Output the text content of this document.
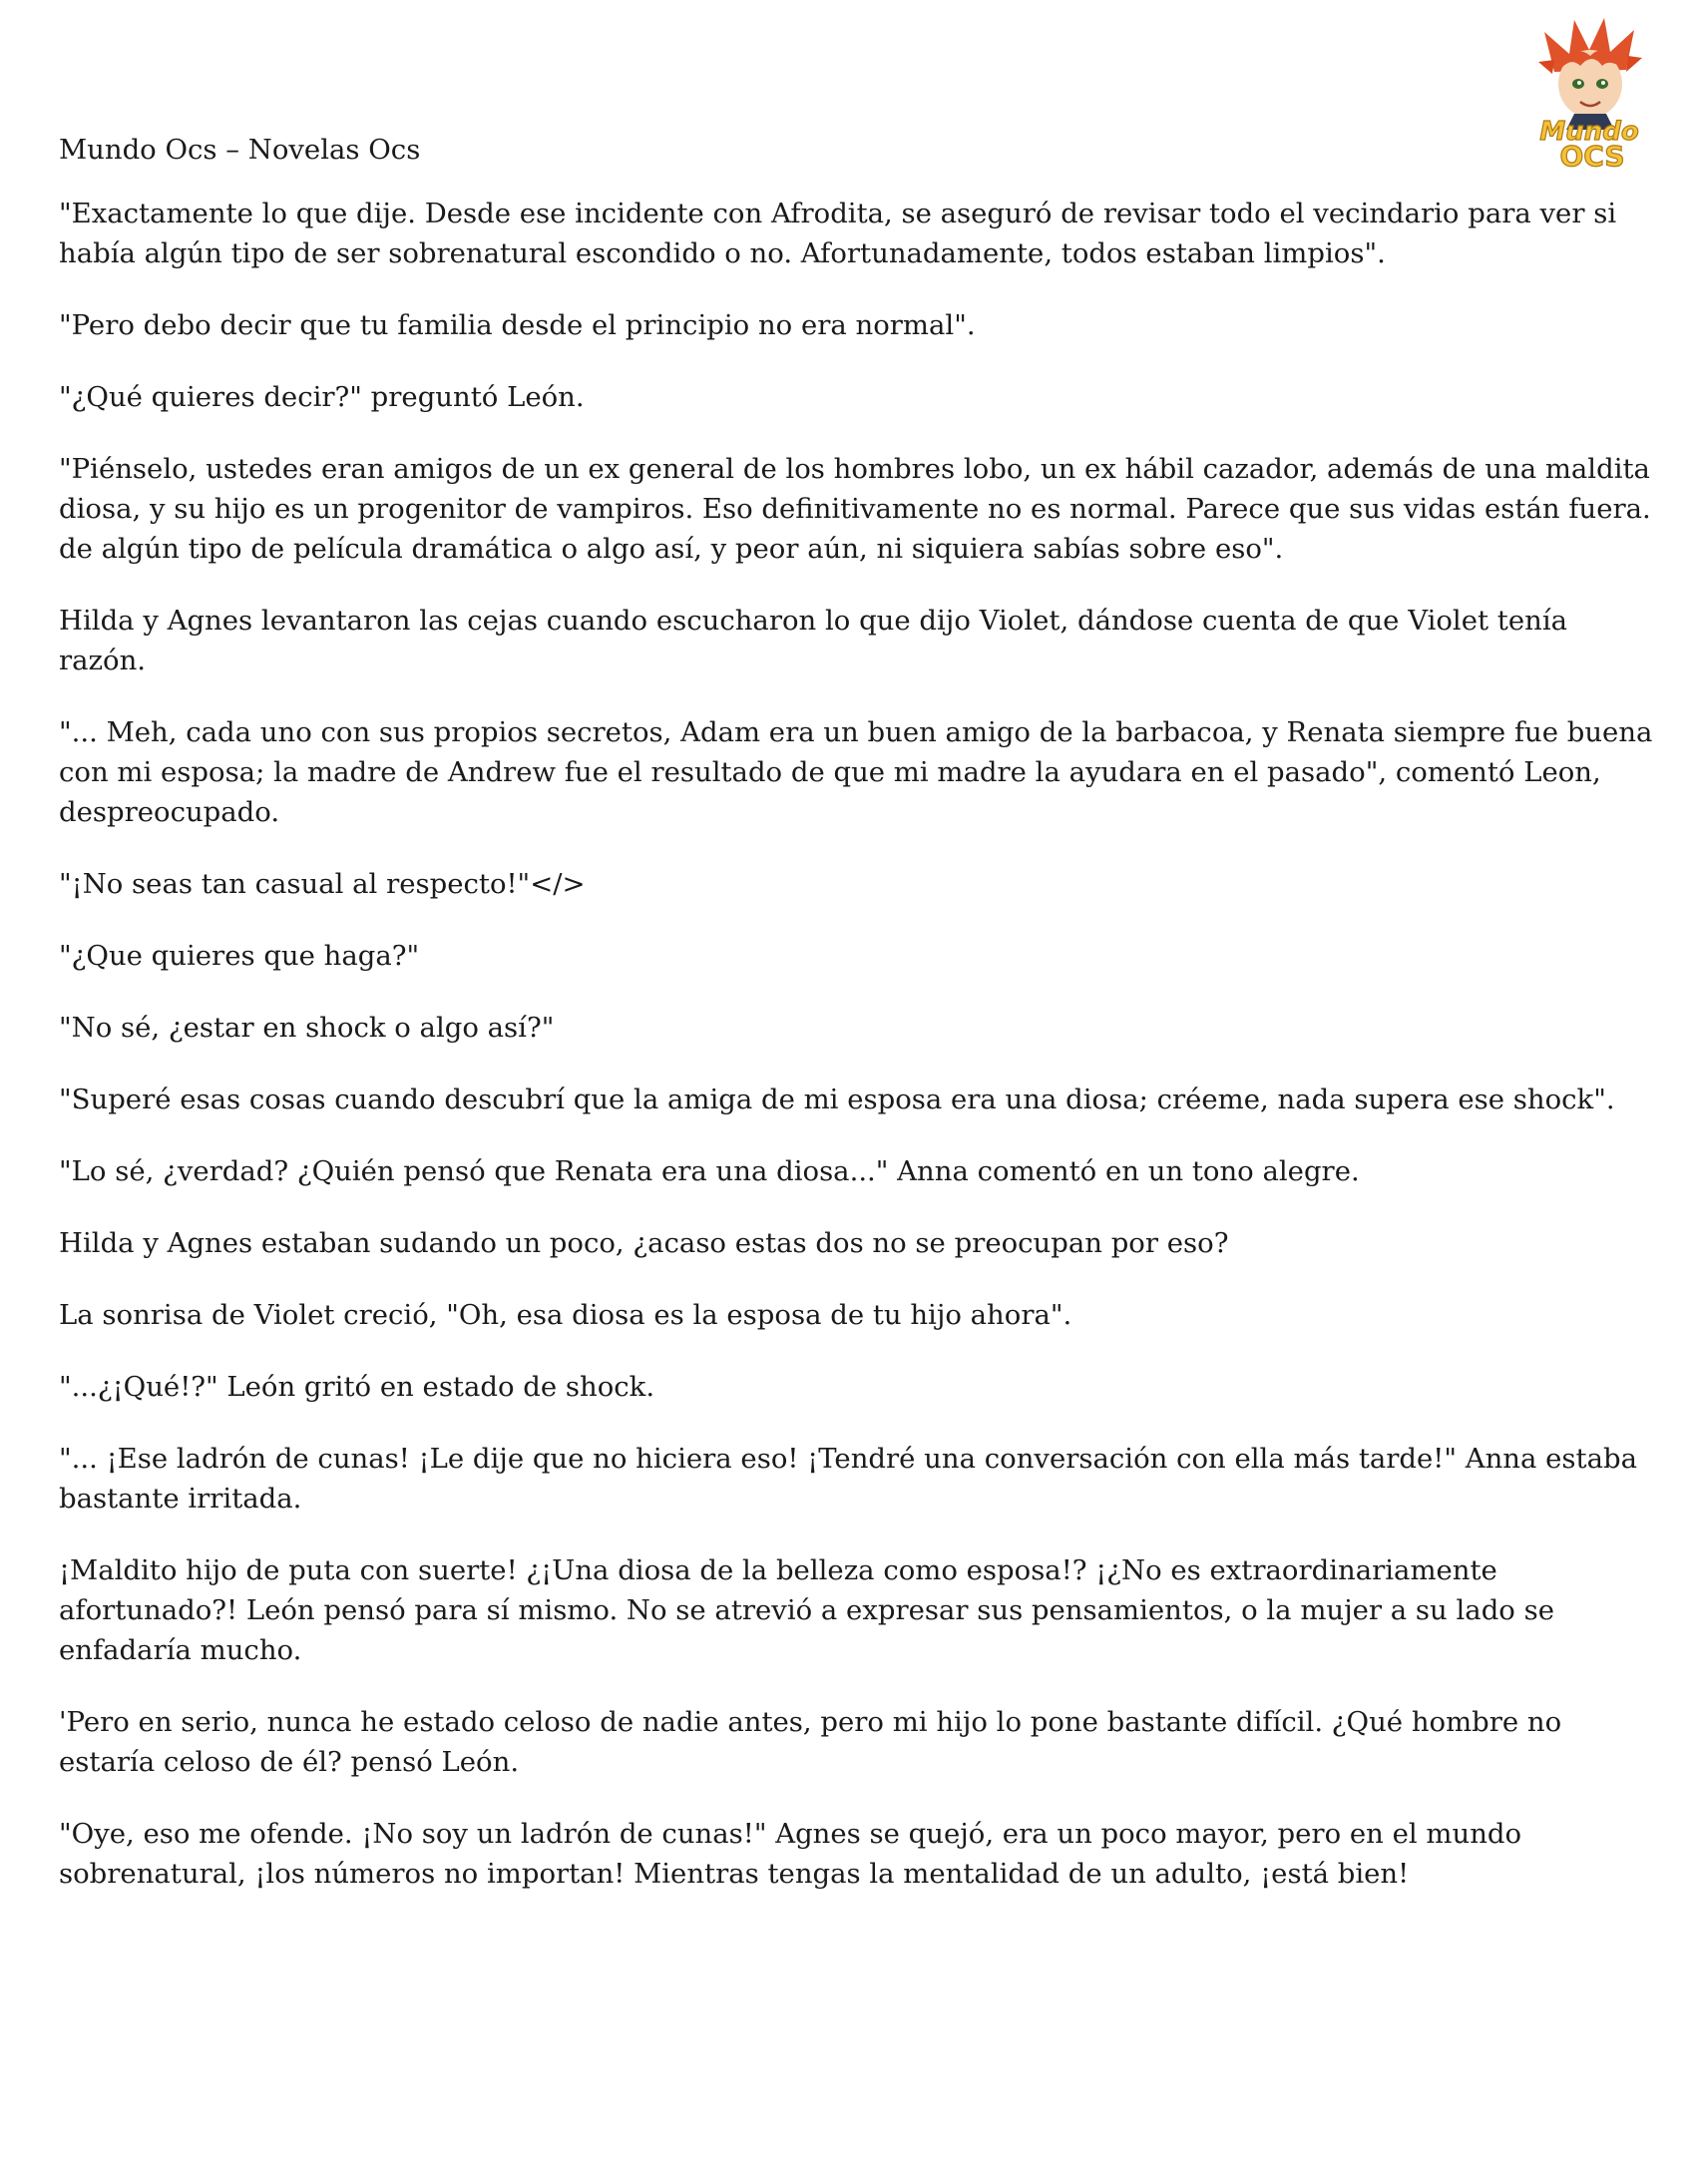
Mundo
OCS
Mundo Ocs – Novelas Ocs

"Exactamente lo que dije. Desde ese incidente con Afrodita, se aseguró de revisar todo el vecindario para ver si había algún tipo de ser sobrenatural escondido o no. Afortunadamente, todos estaban limpios".

"Pero debo decir que tu familia desde el principio no era normal".

"¿Qué quieres decir?" preguntó León.

"Piénselo, ustedes eran amigos de un ex general de los hombres lobo, un ex hábil cazador, además de una maldita diosa, y su hijo es un progenitor de vampiros. Eso definitivamente no es normal. Parece que sus vidas están fuera. de algún tipo de película dramática o algo así, y peor aún, ni siquiera sabías sobre eso".

Hilda y Agnes levantaron las cejas cuando escucharon lo que dijo Violet, dándose cuenta de que Violet tenía razón.

"... Meh, cada uno con sus propios secretos, Adam era un buen amigo de la barbacoa, y Renata siempre fue buena con mi esposa; la madre de Andrew fue el resultado de que mi madre la ayudara en el pasado", comentó Leon, despreocupado.

"¡No seas tan casual al respecto!"</>

"¿Que quieres que haga?"

"No sé, ¿estar en shock o algo así?"

"Superé esas cosas cuando descubrí que la amiga de mi esposa era una diosa; créeme, nada supera ese shock".

"Lo sé, ¿verdad? ¿Quién pensó que Renata era una diosa..." Anna comentó en un tono alegre.

Hilda y Agnes estaban sudando un poco, ¿acaso estas dos no se preocupan por eso?

La sonrisa de Violet creció, "Oh, esa diosa es la esposa de tu hijo ahora".

"...¿¡Qué!?" León gritó en estado de shock.

"... ¡Ese ladrón de cunas! ¡Le dije que no hiciera eso! ¡Tendré una conversación con ella más tarde!" Anna estaba bastante irritada.

¡Maldito hijo de puta con suerte! ¿¡Una diosa de la belleza como esposa!? ¡¿No es extraordinariamente afortunado?! León pensó para sí mismo. No se atrevió a expresar sus pensamientos, o la mujer a su lado se enfadaría mucho.

'Pero en serio, nunca he estado celoso de nadie antes, pero mi hijo lo pone bastante difícil. ¿Qué hombre no estaría celoso de él? pensó León.

"Oye, eso me ofende. ¡No soy un ladrón de cunas!" Agnes se quejó, era un poco mayor, pero en el mundo sobrenatural, ¡los números no importan! Mientras tengas la mentalidad de un adulto, ¡está bien!
